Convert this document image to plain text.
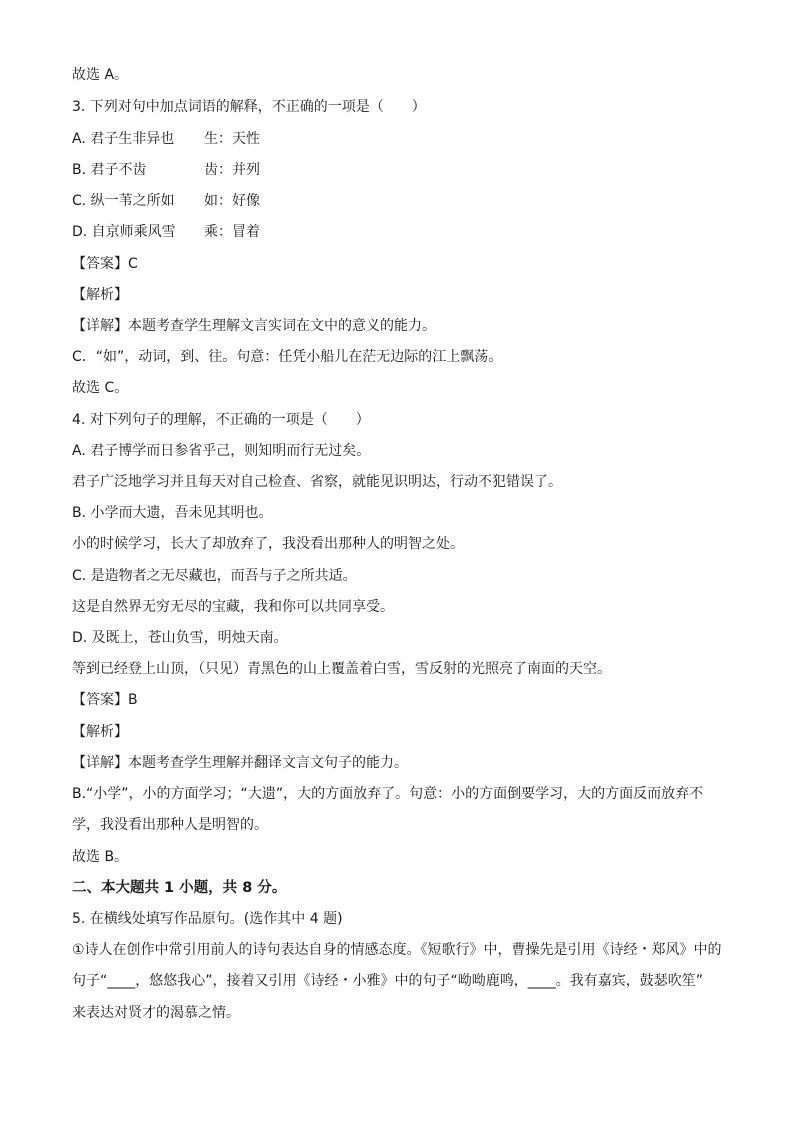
故选 A。
3. 下列对句中加点词语的解释，不正确的一项是（　　）
A. 君子生非异也 生：天性
B. 君子不齿	齿：并列
C. 纵一苇之所如 如：好像
D. 自京师乘风雪 乘：冒着
【答案】C
【解析】
【详解】本题考查学生理解文言实词在文中的意义的能力。
C．“如”，动词，到、往。句意：任凭小船儿在茫无边际的江上飘荡。
故选 C。
4. 对下列句子的理解，不正确的一项是（　　）
A. 君子博学而日参省乎己，则知明而行无过矣。
君子广泛地学习并且每天对自己检查、省察，就能见识明达，行动不犯错误了。
B. 小学而大遗，吾未见其明也。
小的时候学习，长大了却放弃了，我没看出那种人的明智之处。
C. 是造物者之无尽藏也，而吾与子之所共适。
这是自然界无穷无尽的宝藏，我和你可以共同享受。
D. 及既上，苍山负雪，明烛天南。
等到已经登上山顶，（只见）青黑色的山上覆盖着白雪，雪反射的光照亮了南面的天空。
【答案】B
【解析】
【详解】本题考查学生理解并翻译文言文句子的能力。
B.“小学”，小的方面学习；“大遗”，大的方面放弃了。句意：小的方面倒要学习，大的方面反而放弃不
学，我没看出那种人是明智的。
故选 B。
二、本大题共 1 小题，共 8 分。
5. 在横线处填写作品原句。(选作其中 4 题)
①诗人在创作中常引用前人的诗句表达自身的情感态度。《短歌行》中，曹操先是引用《诗经・郑风》中的
句子“____，悠悠我心”，接着又引用《诗经・小雅》中的句子“呦呦鹿鸣，____。我有嘉宾，鼓瑟吹笙”
来表达对贤才的渴慕之情。
